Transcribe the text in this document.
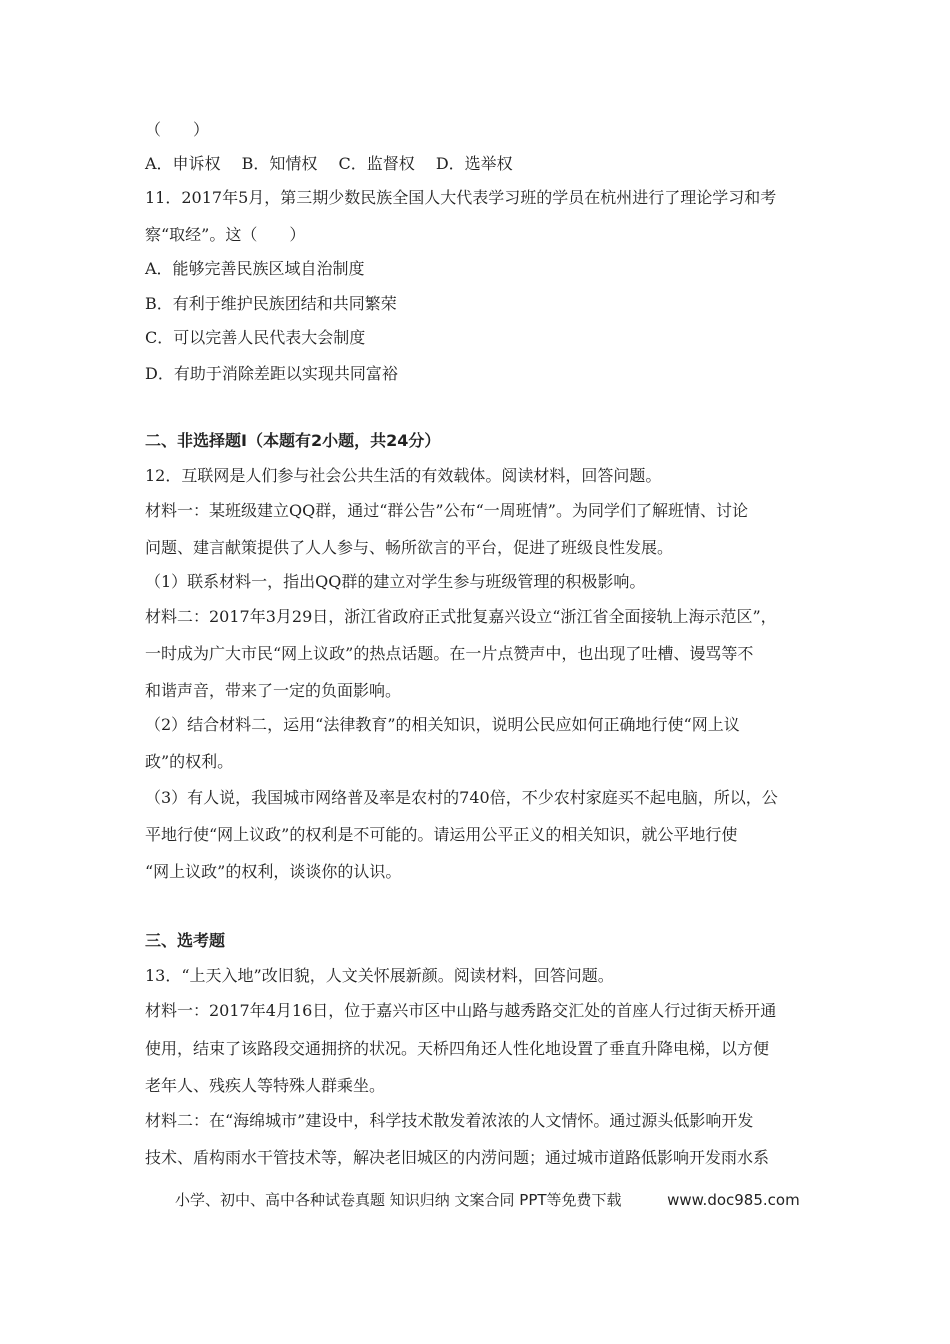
（　　）
A．申诉权　 B．知情权　 C．监督权　 D．选举权
11．2017年5月，第三期少数民族全国人大代表学习班的学员在杭州进行了理论学习和考
察“取经”。这（　　）
A．能够完善民族区域自治制度
B．有利于维护民族团结和共同繁荣
C．可以完善人民代表大会制度
D．有助于消除差距以实现共同富裕
二、非选择题Ⅰ（本题有2小题，共24分）
12．互联网是人们参与社会公共生活的有效载体。阅读材料，回答问题。
材料一：某班级建立QQ群，通过“群公告”公布“一周班情”。为同学们了解班情、讨论
问题、建言献策提供了人人参与、畅所欲言的平台，促进了班级良性发展。
（1）联系材料一，指出QQ群的建立对学生参与班级管理的积极影响。
材料二：2017年3月29日，浙江省政府正式批复嘉兴设立“浙江省全面接轨上海示范区”，
一时成为广大市民“网上议政”的热点话题。在一片点赞声中，也出现了吐槽、谩骂等不
和谐声音，带来了一定的负面影响。
（2）结合材料二，运用“法律教育”的相关知识，说明公民应如何正确地行使“网上议
政”的权利。
（3）有人说，我国城市网络普及率是农村的740倍，不少农村家庭买不起电脑，所以，公
平地行使“网上议政”的权利是不可能的。请运用公平正义的相关知识，就公平地行使
“网上议政”的权利，谈谈你的认识。
三、选考题
13．“上天入地”改旧貌，人文关怀展新颜。阅读材料，回答问题。
材料一：2017年4月16日，位于嘉兴市区中山路与越秀路交汇处的首座人行过街天桥开通
使用，结束了该路段交通拥挤的状况。天桥四角还人性化地设置了垂直升降电梯，以方便
老年人、残疾人等特殊人群乘坐。
材料二：在“海绵城市”建设中，科学技术散发着浓浓的人文情怀。通过源头低影响开发
技术、盾构雨水干管技术等，解决老旧城区的内涝问题；通过城市道路低影响开发雨水系
小学、初中、高中各种试卷真题 知识归纳 文案合同 PPT等免费下载	www.doc985.com
